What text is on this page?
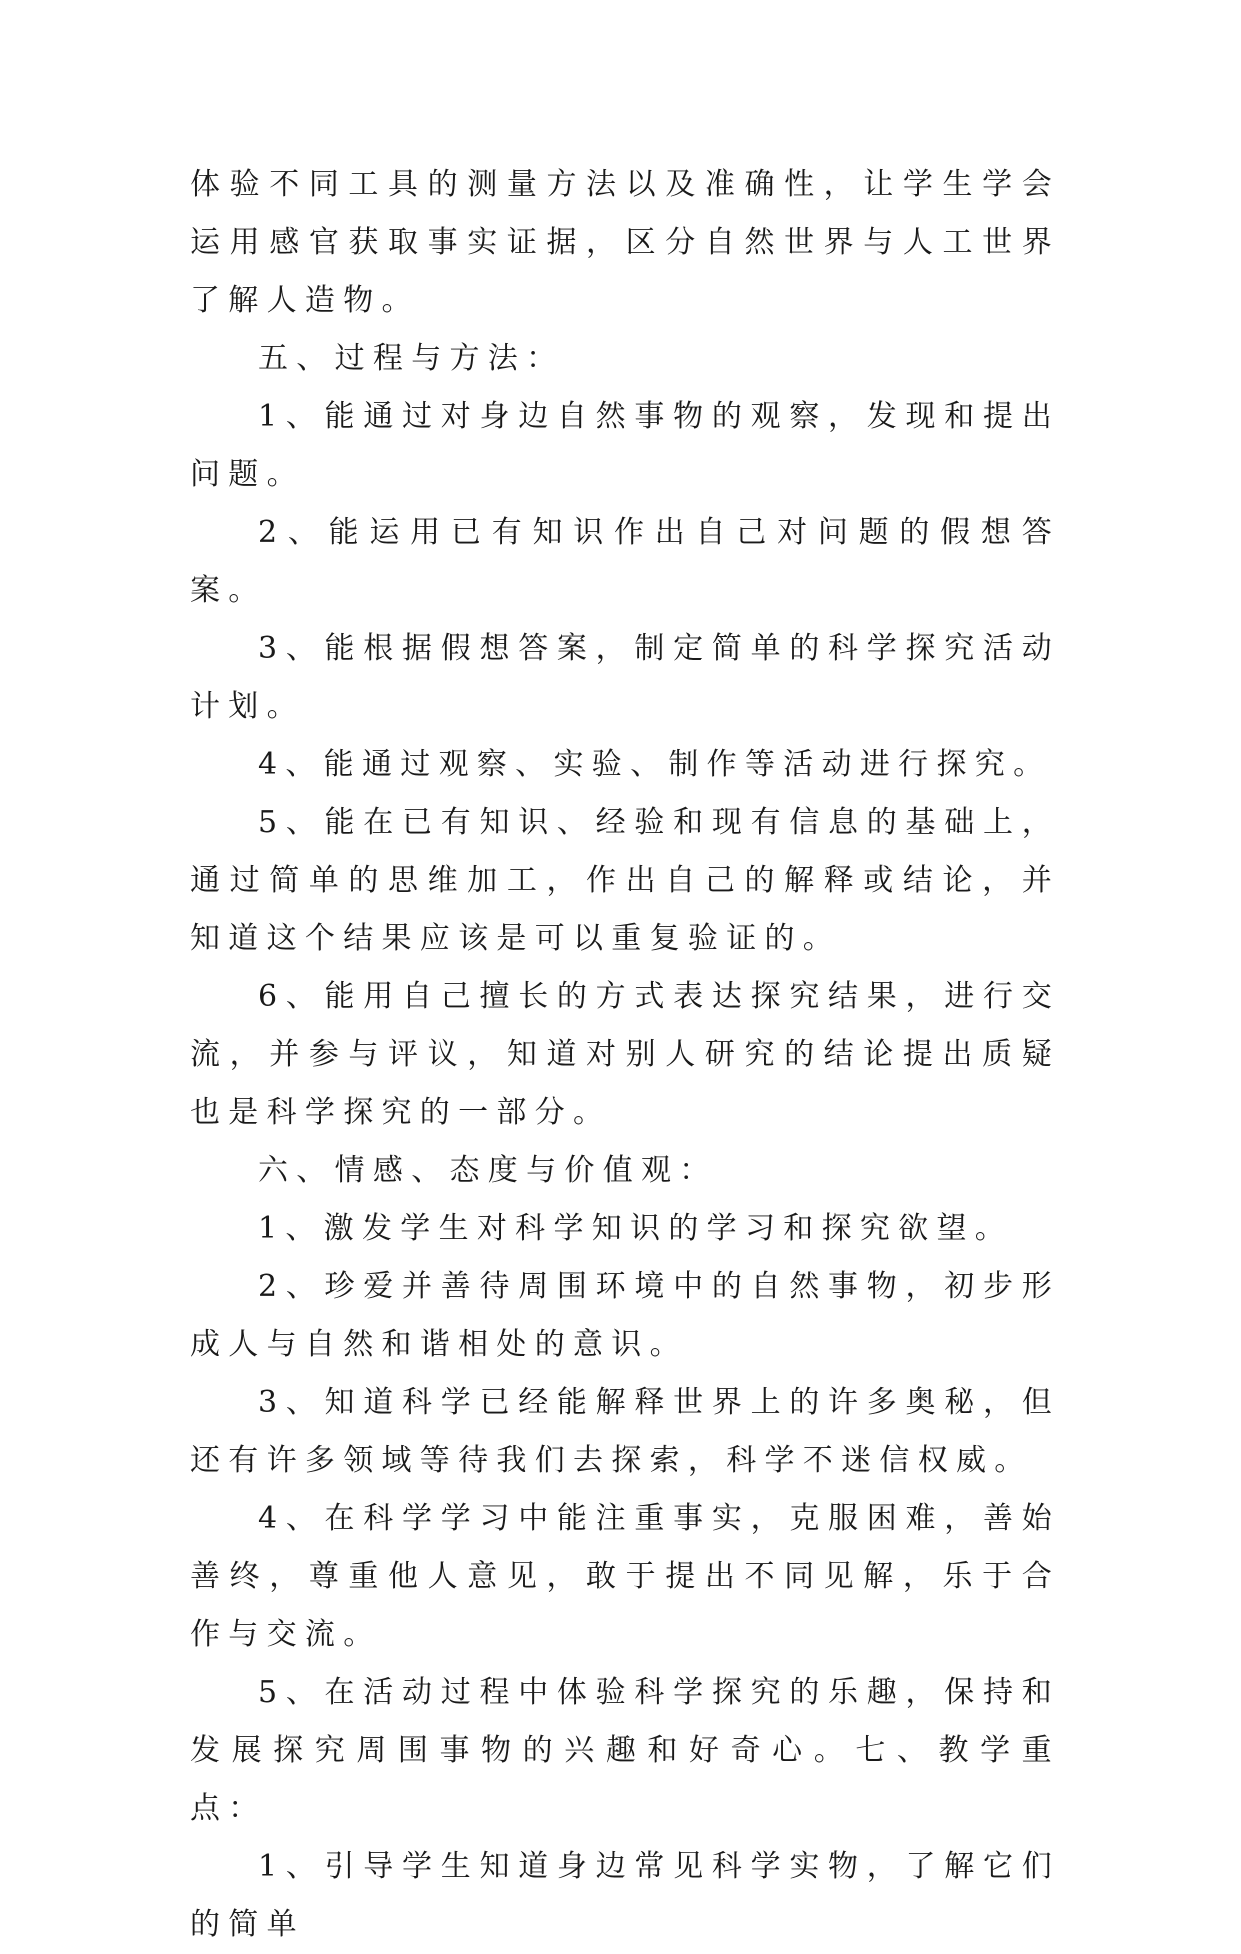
体验不同工具的测量方法以及准确性，让学生学会运用感官获取事实证据，区分自然世界与人工世界了解人造物。

五、过程与方法：

1、能通过对身边自然事物的观察，发现和提出问题。

2、能运用已有知识作出自己对问题的假想答案。

3、能根据假想答案，制定简单的科学探究活动计划。

4、能通过观察、实验、制作等活动进行探究。

5、能在已有知识、经验和现有信息的基础上，通过简单的思维加工，作出自己的解释或结论，并知道这个结果应该是可以重复验证的。

6、能用自己擅长的方式表达探究结果，进行交流，并参与评议，知道对别人研究的结论提出质疑也是科学探究的一部分。

六、情感、态度与价值观：

1、激发学生对科学知识的学习和探究欲望。

2、珍爱并善待周围环境中的自然事物，初步形成人与自然和谐相处的意识。

3、知道科学已经能解释世界上的许多奥秘，但还有许多领域等待我们去探索，科学不迷信权威。

4、在科学学习中能注重事实，克服困难，善始善终，尊重他人意见，敢于提出不同见解，乐于合作与交流。

5、在活动过程中体验科学探究的乐趣，保持和发展探究周围事物的兴趣和好奇心。七、教学重点：

1、引导学生知道身边常见科学实物，了解它们的简单
